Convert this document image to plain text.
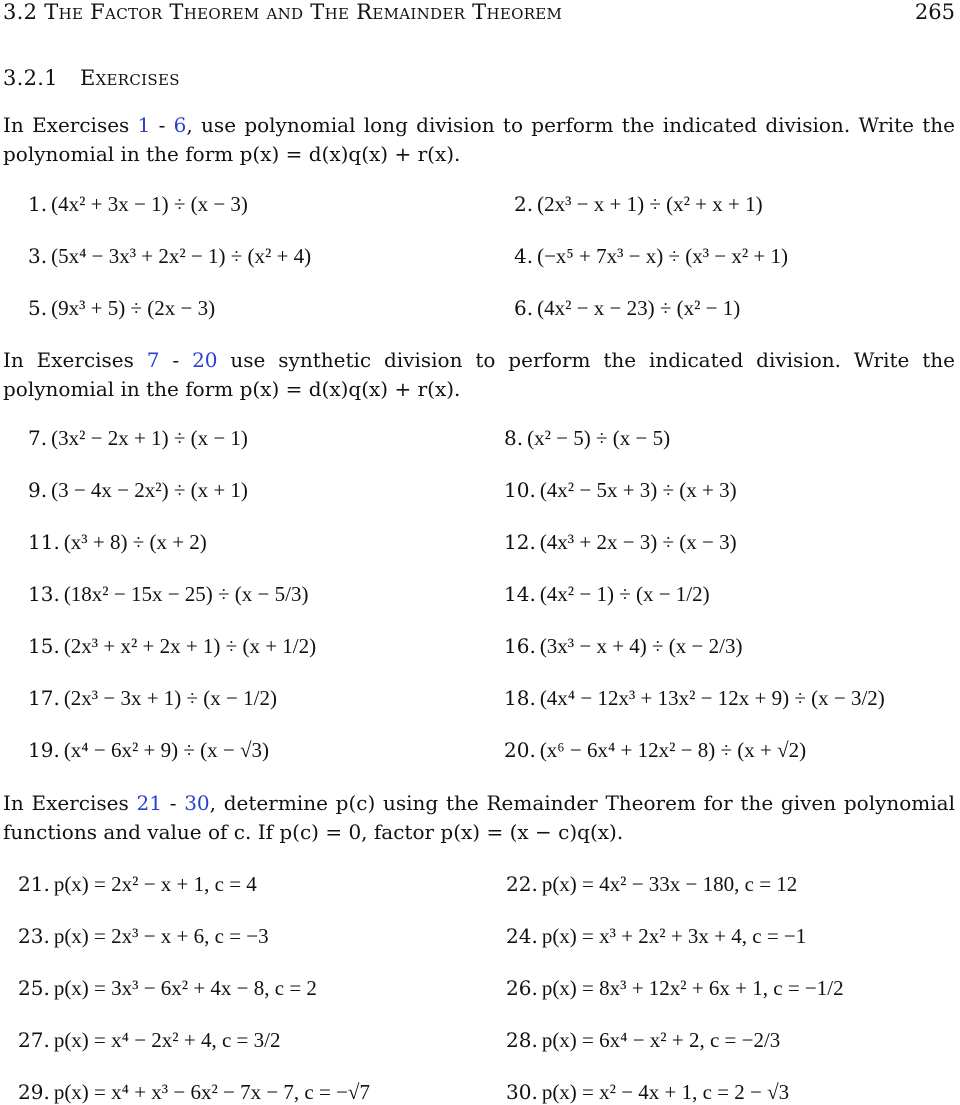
3.2 The Factor Theorem and The Remainder Theorem	265
3.2.1 Exercises
In Exercises 1 - 6, use polynomial long division to perform the indicated division. Write the polynomial in the form p(x) = d(x)q(x) + r(x).
1. (4x² + 3x − 1) ÷ (x − 3)	2. (2x³ − x + 1) ÷ (x² + x + 1)
3. (5x⁴ − 3x³ + 2x² − 1) ÷ (x² + 4)	4. (−x⁵ + 7x³ − x) ÷ (x³ − x² + 1)
5. (9x³ + 5) ÷ (2x − 3)	6. (4x² − x − 23) ÷ (x² − 1)
In Exercises 7 - 20 use synthetic division to perform the indicated division. Write the polynomial in the form p(x) = d(x)q(x) + r(x).
7. (3x² − 2x + 1) ÷ (x − 1)	8. (x² − 5) ÷ (x − 5)
9. (3 − 4x − 2x²) ÷ (x + 1)	10. (4x² − 5x + 3) ÷ (x + 3)
11. (x³ + 8) ÷ (x + 2)	12. (4x³ + 2x − 3) ÷ (x − 3)
13. (18x² − 15x − 25) ÷ (x − 5/3)	14. (4x² − 1) ÷ (x − 1/2)
15. (2x³ + x² + 2x + 1) ÷ (x + 1/2)	16. (3x³ − x + 4) ÷ (x − 2/3)
17. (2x³ − 3x + 1) ÷ (x − 1/2)	18. (4x⁴ − 12x³ + 13x² − 12x + 9) ÷ (x − 3/2)
19. (x⁴ − 6x² + 9) ÷ (x − √3)	20. (x⁶ − 6x⁴ + 12x² − 8) ÷ (x + √2)
In Exercises 21 - 30, determine p(c) using the Remainder Theorem for the given polynomial functions and value of c. If p(c) = 0, factor p(x) = (x − c)q(x).
21. p(x) = 2x² − x + 1, c = 4	22. p(x) = 4x² − 33x − 180, c = 12
23. p(x) = 2x³ − x + 6, c = −3	24. p(x) = x³ + 2x² + 3x + 4, c = −1
25. p(x) = 3x³ − 6x² + 4x − 8, c = 2	26. p(x) = 8x³ + 12x² + 6x + 1, c = −1/2
27. p(x) = x⁴ − 2x² + 4, c = 3/2	28. p(x) = 6x⁴ − x² + 2, c = −2/3
29. p(x) = x⁴ + x³ − 6x² − 7x − 7, c = −√7	30. p(x) = x² − 4x + 1, c = 2 − √3
